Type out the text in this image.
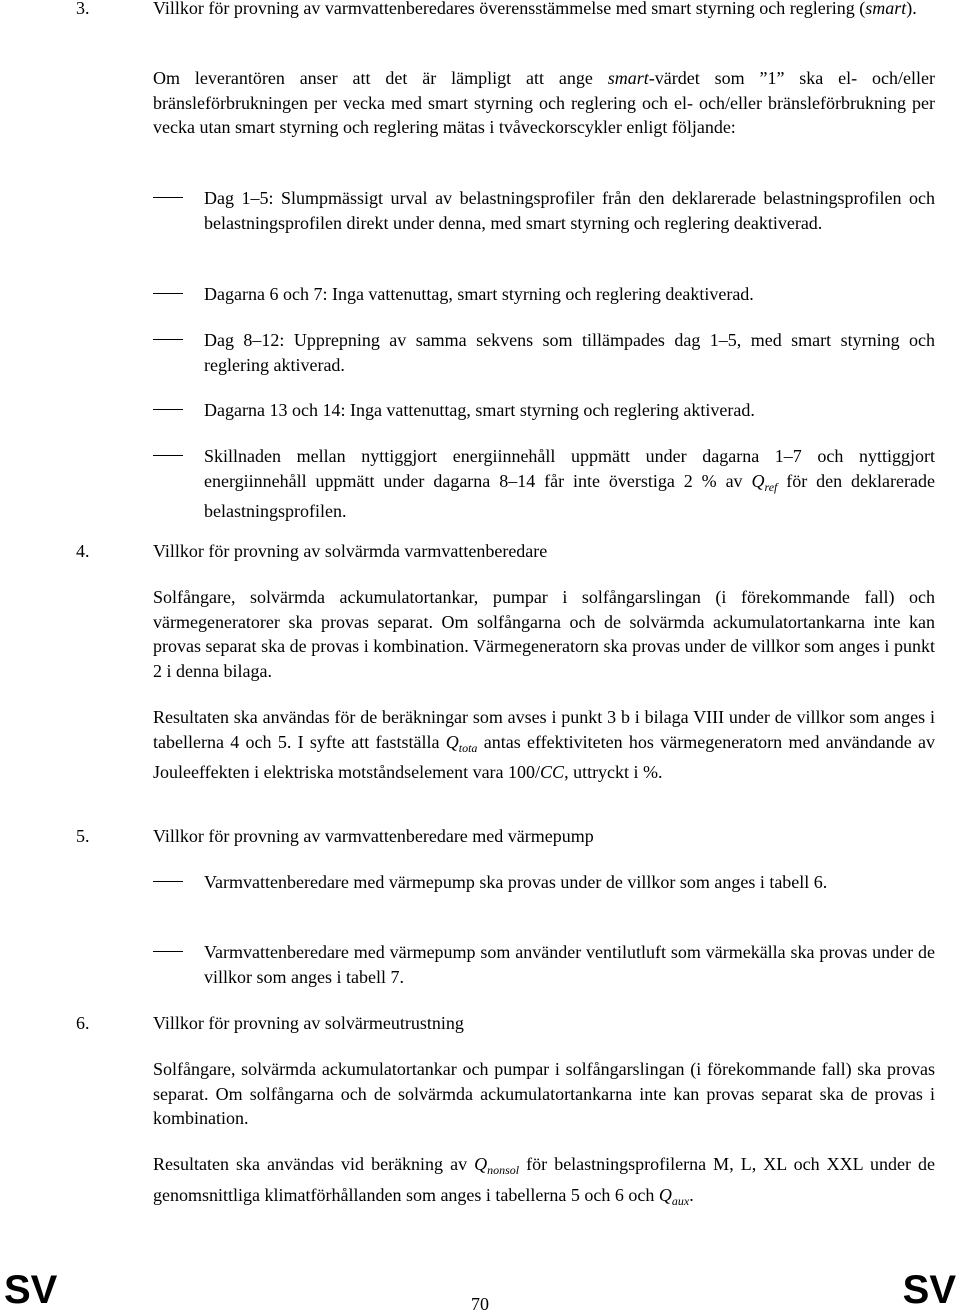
3.	Villkor för provning av varmvattenberedares överensstämmelse med smart styrning och reglering (smart).
Om leverantören anser att det är lämpligt att ange smart-värdet som ”1” ska el- och/eller bränsleförbrukningen per vecka med smart styrning och reglering och el- och/eller bränsleförbrukning per vecka utan smart styrning och reglering mätas i tvåveckorscykler enligt följande:
Dag 1–5: Slumpmässigt urval av belastningsprofiler från den deklarerade belastningsprofilen och belastningsprofilen direkt under denna, med smart styrning och reglering deaktiverad.
Dagarna 6 och 7: Inga vattenuttag, smart styrning och reglering deaktiverad.
Dag 8–12: Upprepning av samma sekvens som tillämpades dag 1–5, med smart styrning och reglering aktiverad.
Dagarna 13 och 14: Inga vattenuttag, smart styrning och reglering aktiverad.
Skillnaden mellan nyttiggjort energiinnehåll uppmätt under dagarna 1–7 och nyttiggjort energiinnehåll uppmätt under dagarna 8–14 får inte överstiga 2 % av $Q_{ref}$ för den deklarerade belastningsprofilen.
4.	Villkor för provning av solvärmda varmvattenberedare
Solfångare, solvärmda ackumulatortankar, pumpar i solfångarslingan (i förekommande fall) och värmegeneratorer ska provas separat. Om solfångarna och de solvärmda ackumulatortankarna inte kan provas separat ska de provas i kombination. Värmegeneratorn ska provas under de villkor som anges i punkt 2 i denna bilaga.
Resultaten ska användas för de beräkningar som avses i punkt 3 b i bilaga VIII under de villkor som anges i tabellerna 4 och 5. I syfte att fastställa $Q_{tota}$ antas effektiviteten hos värmegeneratorn med användande av Jouleeffekten i elektriska motståndselement vara 100/CC, uttryckt i %.
5.	Villkor för provning av varmvattenberedare med värmepump
Varmvattenberedare med värmepump ska provas under de villkor som anges i tabell 6.
Varmvattenberedare med värmepump som använder ventilutluft som värmekälla ska provas under de villkor som anges i tabell 7.
6.	Villkor för provning av solvärmeutrustning
Solfångare, solvärmda ackumulatortankar och pumpar i solfångarslingan (i förekommande fall) ska provas separat. Om solfångarna och de solvärmda ackumulatortankarna inte kan provas separat ska de provas i kombination.
Resultaten ska användas vid beräkning av $Q_{nonsol}$ för belastningsprofilerna M, L, XL och XXL under de genomsnittliga klimatförhållanden som anges i tabellerna 5 och 6 och $Q_{aux}$.
SV	SV
70
